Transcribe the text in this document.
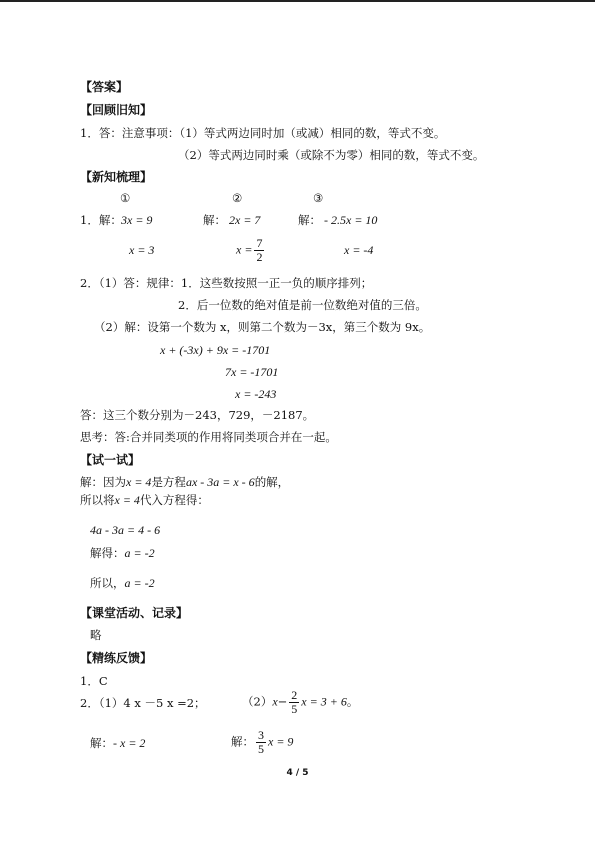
【答案】
【回顾旧知】
1．答：注意事项：（1）等式两边同时加（或减）相同的数，等式不变。
（2）等式两边同时乘（或除不为零）相同的数，等式不变。
【新知梳理】
①	②	③
1．解： 3x = 9	解： 2x = 7	解： - 2.5x = 10
x = 3	$x = \frac{7}{2}$	x = -4
2．（1）答：规律：1．这些数按照一正一负的顺序排列；
2．后一位数的绝对值是前一位数绝对值的三倍。
（2）解：设第一个数为 x，则第二个数为－3x，第三个数为 9x。
x + (-3x) + 9x = -1701
7x = -1701
x = -243
答：这三个数分别为－243，729，－2187。
思考：答:合并同类项的作用将同类项合并在一起。
【试一试】
解：因为x = 4是方程ax - 3a = x - 6的解，
所以将x = 4代入方程得：
4a - 3a = 4 - 6
解得：a = -2
所以，a = -2
【课堂活动、记录】
略
【精练反馈】
1．C
2．（1）4 x －5 x =2；	$(2)x- \frac{2}{5}$ x = 3 + 6。
解：- x = 2	解： $\frac{3}{5}$ x = 9
4 / 5
